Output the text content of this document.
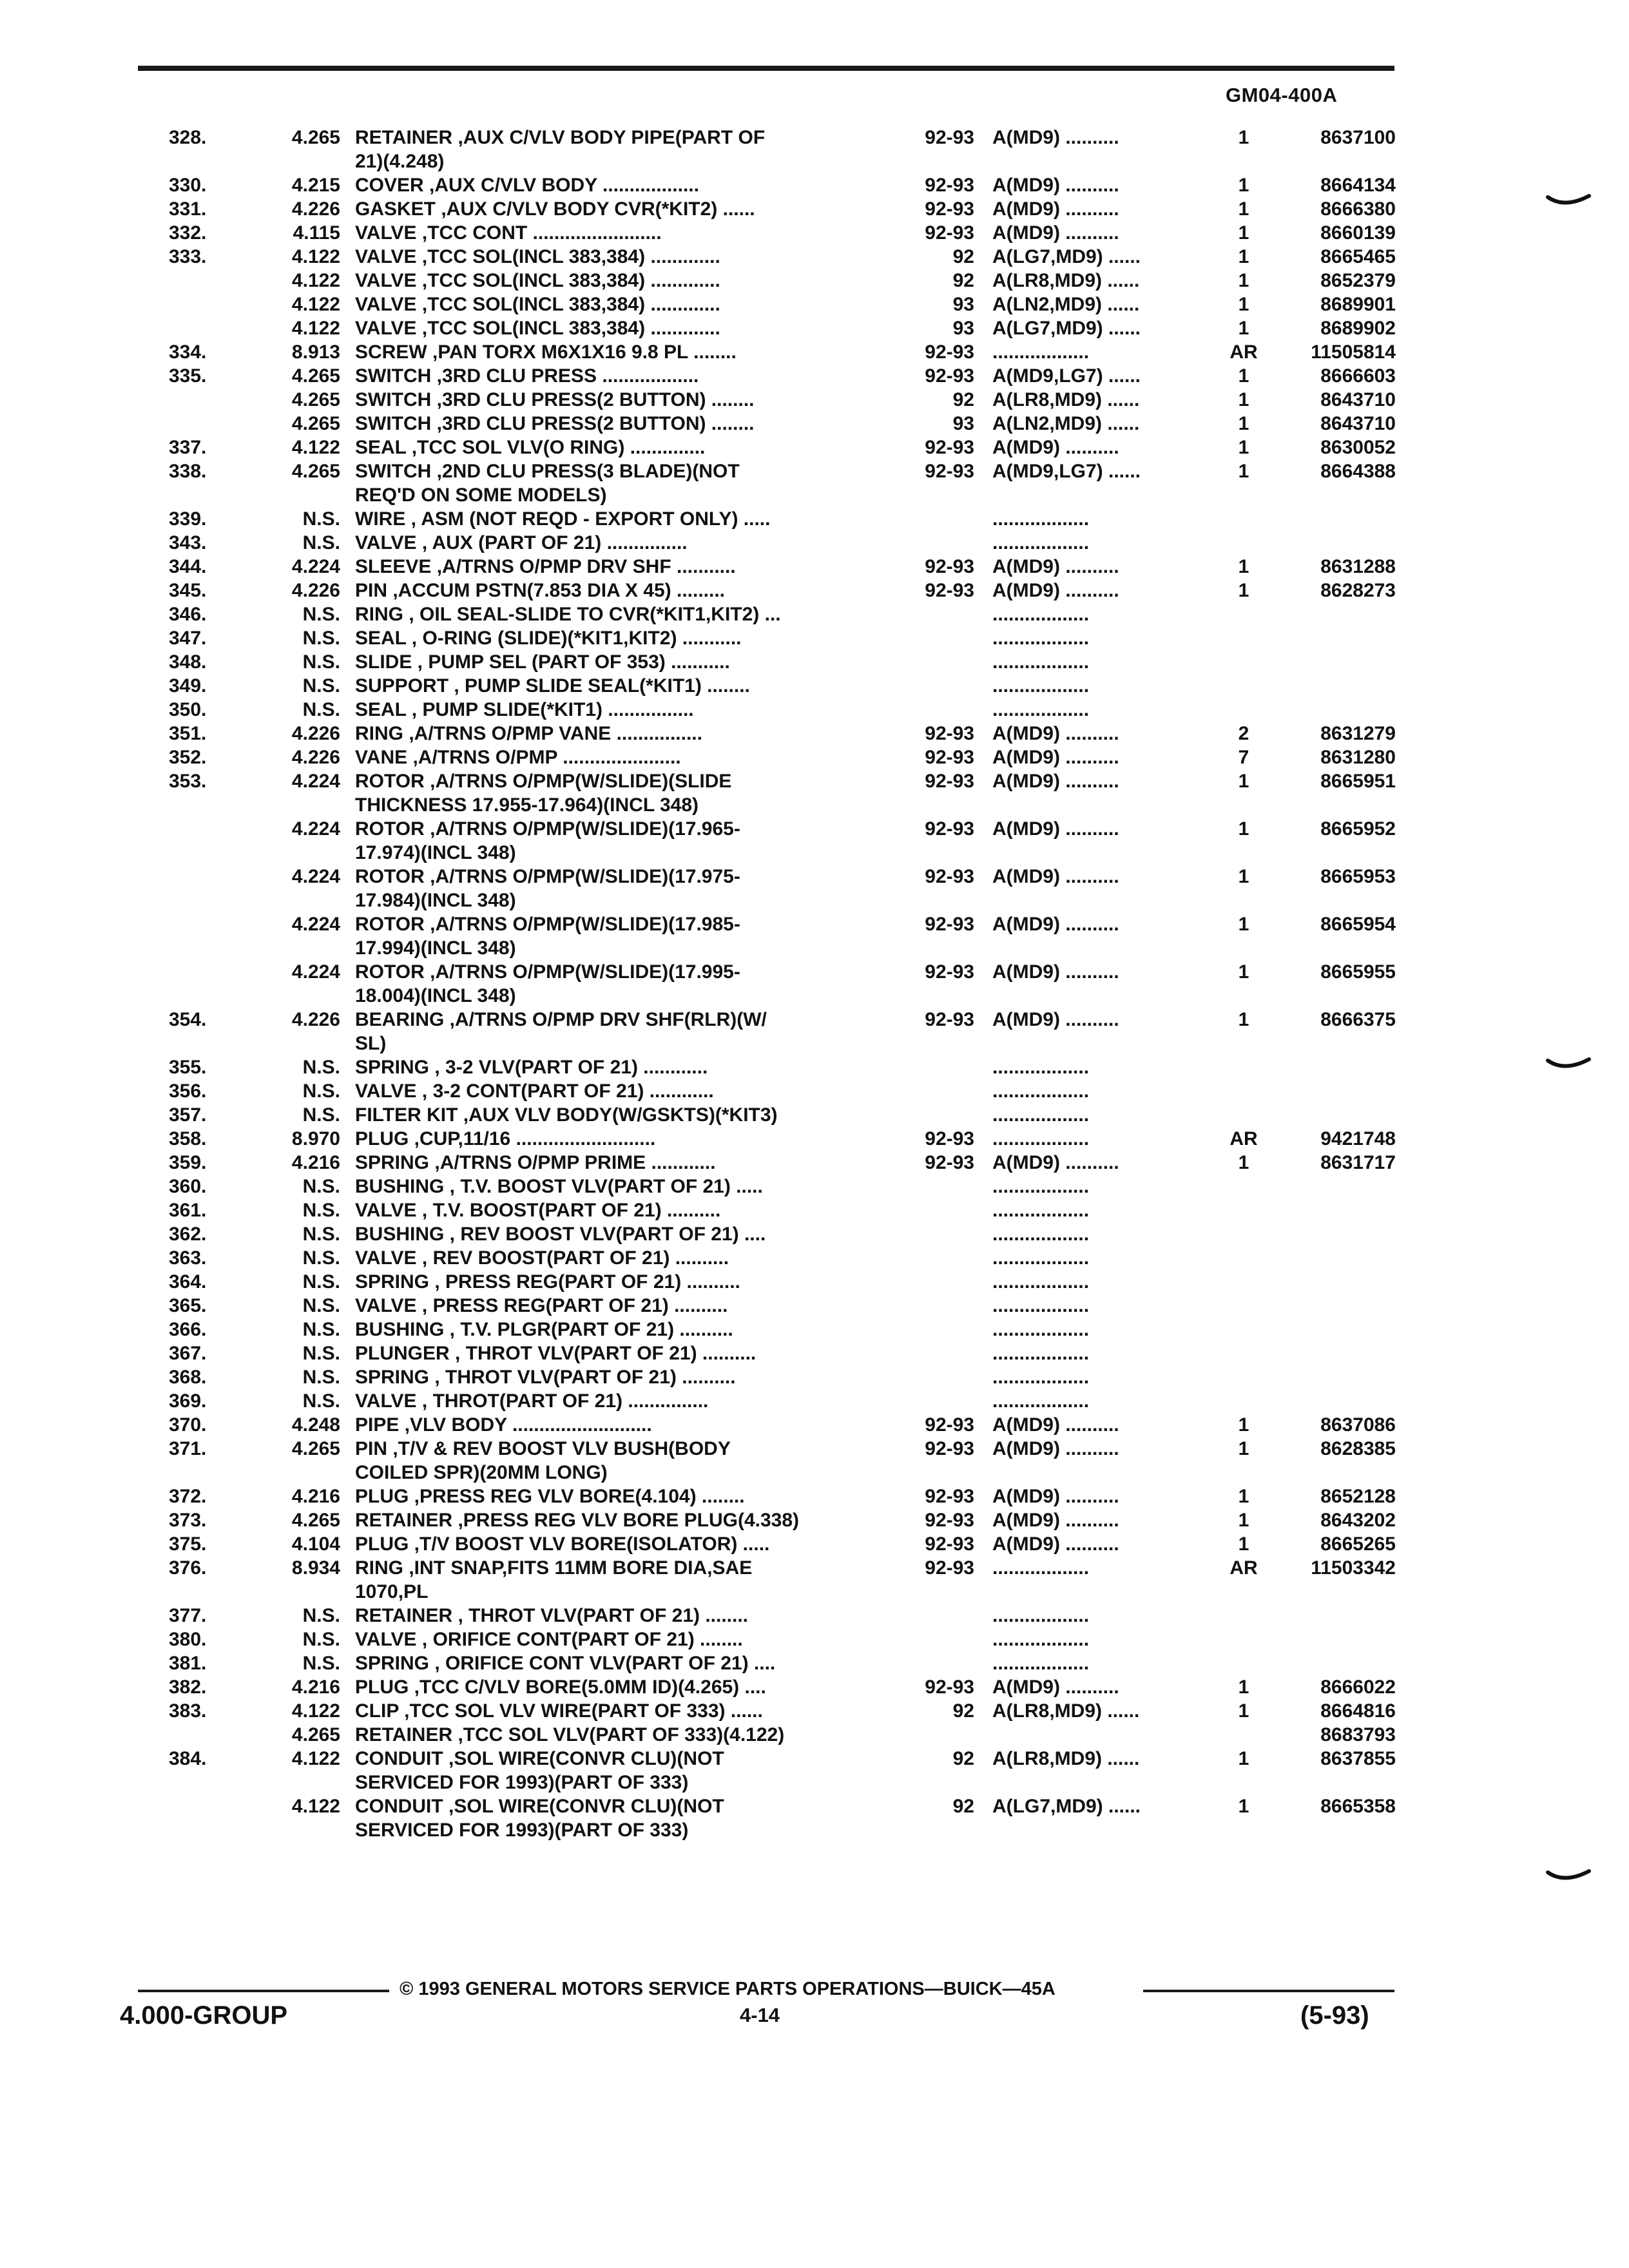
GM04-400A
328.	4.265 RETAINER ,AUX C/VLV BODY PIPE(PART OF
21)(4.248)
92-93 A(MD9) ..........	1	8637100
330.	4.215 COVER ,AUX C/VLV BODY ..................	92-93 A(MD9) ..........	1	8664134
331.	4.226 GASKET ,AUX C/VLV BODY CVR(*KIT2) ......	92-93 A(MD9) ..........	1	8666380
332.	4.115 VALVE ,TCC CONT ........................	92-93 A(MD9) ..........	1	8660139
333.	4.122 VALVE ,TCC SOL(INCL 383,384) .............	92 A(LG7,MD9) ......	1	8665465
4.122 VALVE ,TCC SOL(INCL 383,384) .............	92 A(LR8,MD9) ......	1	8652379
4.122 VALVE ,TCC SOL(INCL 383,384) .............	93 A(LN2,MD9) ......	1	8689901
4.122 VALVE ,TCC SOL(INCL 383,384) .............	93 A(LG7,MD9) ......	1	8689902
334.	8.913 SCREW ,PAN TORX M6X1X16 9.8 PL ........	92-93 ..................	AR	11505814
335.	4.265 SWITCH ,3RD CLU PRESS ..................	92-93 A(MD9,LG7) ......	1	8666603
4.265 SWITCH ,3RD CLU PRESS(2 BUTTON) ........	92 A(LR8,MD9) ......	1	8643710
4.265 SWITCH ,3RD CLU PRESS(2 BUTTON) ........	93 A(LN2,MD9) ......	1	8643710
337.	4.122 SEAL ,TCC SOL VLV(O RING) ..............	92-93 A(MD9) ..........	1	8630052
338.	4.265 SWITCH ,2ND CLU PRESS(3 BLADE)(NOT
REQ'D ON SOME MODELS)
92-93 A(MD9,LG7) ......	1	8664388
339.	N.S. WIRE , ASM (NOT REQD - EXPORT ONLY) .....	..................
343.	N.S. VALVE , AUX (PART OF 21) ...............	..................
344.	4.224 SLEEVE ,A/TRNS O/PMP DRV SHF ...........	92-93 A(MD9) ..........	1	8631288
345.	4.226 PIN ,ACCUM PSTN(7.853 DIA X 45) .........	92-93 A(MD9) ..........	1	8628273
346.	N.S. RING , OIL SEAL-SLIDE TO CVR(*KIT1,KIT2) ...	..................
347.	N.S. SEAL , O-RING (SLIDE)(*KIT1,KIT2) ...........	..................
348.	N.S. SLIDE , PUMP SEL (PART OF 353) ...........	..................
349.	N.S. SUPPORT , PUMP SLIDE SEAL(*KIT1) ........	..................
350.	N.S. SEAL , PUMP SLIDE(*KIT1) ................	..................
351.	4.226 RING ,A/TRNS O/PMP VANE ................	92-93 A(MD9) ..........	2	8631279
352.	4.226 VANE ,A/TRNS O/PMP ......................	92-93 A(MD9) ..........	7	8631280
353.	4.224 ROTOR ,A/TRNS O/PMP(W/SLIDE)(SLIDE
THICKNESS 17.955-17.964)(INCL 348)
92-93 A(MD9) ..........	1	8665951
4.224 ROTOR ,A/TRNS O/PMP(W/SLIDE)(17.965-
17.974)(INCL 348)
92-93 A(MD9) ..........	1	8665952
4.224 ROTOR ,A/TRNS O/PMP(W/SLIDE)(17.975-
17.984)(INCL 348)
92-93 A(MD9) ..........	1	8665953
4.224 ROTOR ,A/TRNS O/PMP(W/SLIDE)(17.985-
17.994)(INCL 348)
92-93 A(MD9) ..........	1	8665954
4.224 ROTOR ,A/TRNS O/PMP(W/SLIDE)(17.995-
18.004)(INCL 348)
92-93 A(MD9) ..........	1	8665955
354.	4.226 BEARING ,A/TRNS O/PMP DRV SHF(RLR)(W/
SL)
92-93 A(MD9) ..........	1	8666375
355.	N.S. SPRING , 3-2 VLV(PART OF 21) ............	..................
356.	N.S. VALVE , 3-2 CONT(PART OF 21) ............	..................
357.	N.S. FILTER KIT ,AUX VLV BODY(W/GSKTS)(*KIT3)	..................
358.	8.970 PLUG ,CUP,11/16 ..........................	92-93 ..................	AR	9421748
359.	4.216 SPRING ,A/TRNS O/PMP PRIME ............	92-93 A(MD9) ..........	1	8631717
360.	N.S. BUSHING , T.V. BOOST VLV(PART OF 21) .....	..................
361.	N.S. VALVE , T.V. BOOST(PART OF 21) ..........	..................
362.	N.S. BUSHING , REV BOOST VLV(PART OF 21) ....	..................
363.	N.S. VALVE , REV BOOST(PART OF 21) ..........	..................
364.	N.S. SPRING , PRESS REG(PART OF 21) ..........	..................
365.	N.S. VALVE , PRESS REG(PART OF 21) ..........	..................
366.	N.S. BUSHING , T.V. PLGR(PART OF 21) ..........	..................
367.	N.S. PLUNGER , THROT VLV(PART OF 21) ..........	..................
368.	N.S. SPRING , THROT VLV(PART OF 21) ..........	..................
369.	N.S. VALVE , THROT(PART OF 21) ...............	..................
370.	4.248 PIPE ,VLV BODY ..........................	92-93 A(MD9) ..........	1	8637086
371.	4.265 PIN ,T/V & REV BOOST VLV BUSH(BODY
COILED SPR)(20MM LONG)
92-93 A(MD9) ..........	1	8628385
372.	4.216 PLUG ,PRESS REG VLV BORE(4.104) ........	92-93 A(MD9) ..........	1	8652128
373.	4.265 RETAINER ,PRESS REG VLV BORE PLUG(4.338)	92-93 A(MD9) ..........	1	8643202
375.	4.104 PLUG ,T/V BOOST VLV BORE(ISOLATOR) .....	92-93 A(MD9) ..........	1	8665265
376.	8.934 RING ,INT SNAP,FITS 11MM BORE DIA,SAE
1070,PL
92-93 ..................	AR	11503342
377.	N.S. RETAINER , THROT VLV(PART OF 21) ........	..................
380.	N.S. VALVE , ORIFICE CONT(PART OF 21) ........	..................
381.	N.S. SPRING , ORIFICE CONT VLV(PART OF 21) ....	..................
382.	4.216 PLUG ,TCC C/VLV BORE(5.0MM ID)(4.265) ....	92-93 A(MD9) ..........	1	8666022
383.	4.122 CLIP ,TCC SOL VLV WIRE(PART OF 333) ......	92 A(LR8,MD9) ......	1	8664816
4.265 RETAINER ,TCC SOL VLV(PART OF 333)(4.122)	8683793
384.	4.122 CONDUIT ,SOL WIRE(CONVR CLU)(NOT
SERVICED FOR 1993)(PART OF 333)
92 A(LR8,MD9) ......	1	8637855
4.122 CONDUIT ,SOL WIRE(CONVR CLU)(NOT
SERVICED FOR 1993)(PART OF 333)
92 A(LG7,MD9) ......	1	8665358
© 1993 GENERAL MOTORS SERVICE PARTS OPERATIONS—BUICK—45A
4.000-GROUP	4-14	(5-93)
